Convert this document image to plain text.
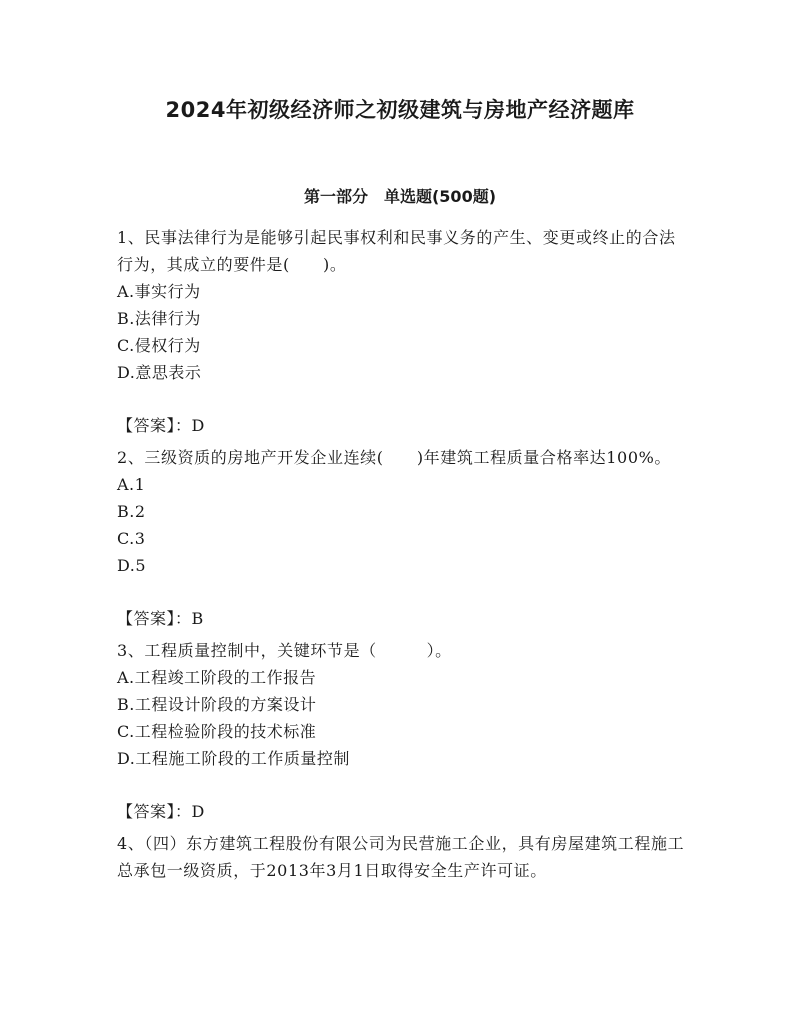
2024年初级经济师之初级建筑与房地产经济题库
第一部分　单选题(500题)

1、民事法律行为是能够引起民事权利和民事义务的产生、变更或终止的合法行为，其成立的要件是(　　)。

A.事实行为

B.法律行为

C.侵权行为

D.意思表示

【答案】：D

2、三级资质的房地产开发企业连续(　　)年建筑工程质量合格率达100%。

A.1

B.2

C.3

D.5

【答案】：B

3、工程质量控制中，关键环节是（　　　）。

A.工程竣工阶段的工作报告

B.工程设计阶段的方案设计

C.工程检验阶段的技术标准

D.工程施工阶段的工作质量控制

【答案】：D

4、（四）东方建筑工程股份有限公司为民营施工企业，具有房屋建筑工程施工总承包一级资质，于2013年3月1日取得安全生产许可证。
